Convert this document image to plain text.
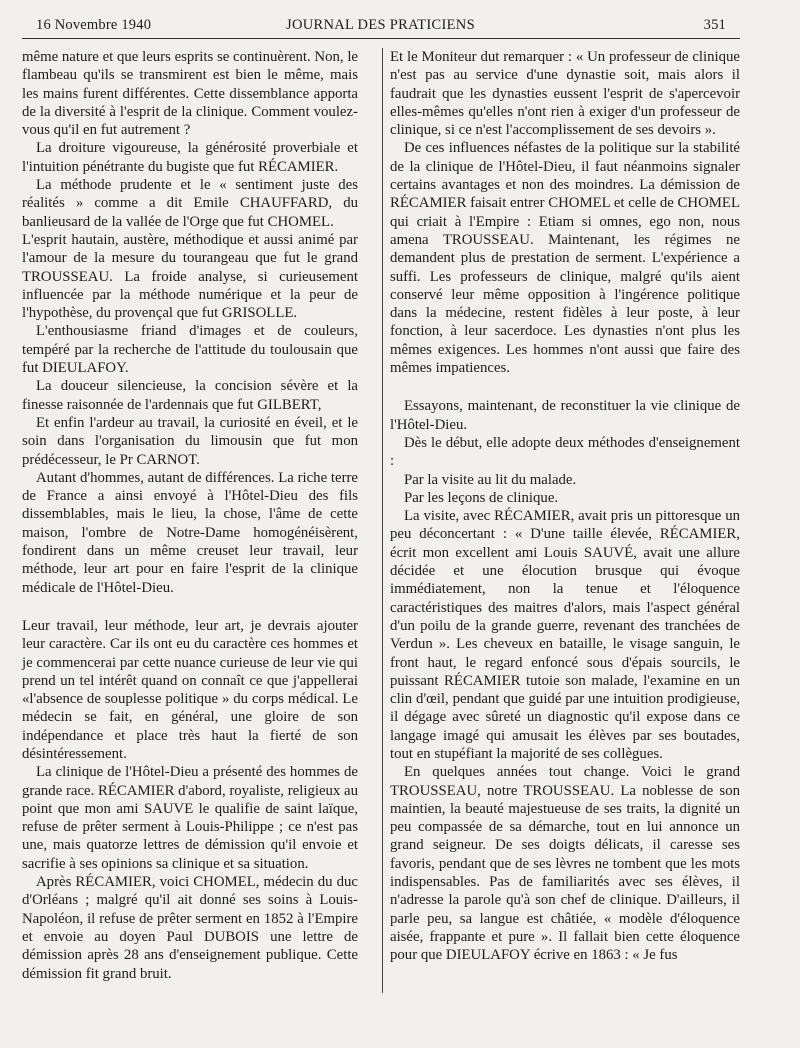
16 Novembre 1940	JOURNAL DES PRATICIENS	351

même nature et que leurs esprits se continuèrent. Non, le flambeau qu'ils se transmirent est bien le même, mais les mains furent différentes. Cette dissemblance apporta de la diversité à l'esprit de la clinique. Comment voulez-vous qu'il en fut autrement ?

La droiture vigoureuse, la générosité proverbiale et l'intuition pénétrante du bugiste que fut RÉCAMIER.

La méthode prudente et le « sentiment juste des réalités » comme a dit Emile CHAUFFARD, du banlieusard de la vallée de l'Orge que fut CHOMEL.

L'esprit hautain, austère, méthodique et aussi animé par l'amour de la mesure du tourangeau que fut le grand TROUSSEAU. La froide analyse, si curieusement influencée par la méthode numérique et la peur de l'hypothèse, du provençal que fut GRISOLLE.

L'enthousiasme friand d'images et de couleurs, tempéré par la recherche de l'attitude du toulousain que fut DIEULAFOY.

La douceur silencieuse, la concision sévère et la finesse raisonnée de l'ardennais que fut GILBERT,

Et enfin l'ardeur au travail, la curiosité en éveil, et le soin dans l'organisation du limousin que fut mon prédécesseur, le Pr CARNOT.

Autant d'hommes, autant de différences. La riche terre de France a ainsi envoyé à l'Hôtel-Dieu des fils dissemblables, mais le lieu, la chose, l'âme de cette maison, l'ombre de Notre-Dame homogénéisèrent, fondirent dans un même creuset leur travail, leur méthode, leur art pour en faire l'esprit de la clinique médicale de l'Hôtel-Dieu.

Leur travail, leur méthode, leur art, je devrais ajouter leur caractère. Car ils ont eu du caractère ces hommes et je commencerai par cette nuance curieuse de leur vie qui prend un tel intérêt quand on connaît ce que j'appellerai «l'absence de souplesse politique » du corps médical. Le médecin se fait, en général, une gloire de son indépendance et place très haut la fierté de son désintéressement.

La clinique de l'Hôtel-Dieu a présenté des hommes de grande race. RÉCAMIER d'abord, royaliste, religieux au point que mon ami SAUVE le qualifie de saint laïque, refuse de prêter serment à Louis-Philippe ; ce n'est pas une, mais quatorze lettres de démission qu'il envoie et sacrifie à ses opinions sa clinique et sa situation.

Après RÉCAMIER, voici CHOMEL, médecin du duc d'Orléans ; malgré qu'il ait donné ses soins à Louis-Napoléon, il refuse de prêter serment en 1852 à l'Empire et envoie au doyen Paul DUBOIS une lettre de démission après 28 ans d'enseignement publique. Cette démission fit grand bruit.

Et le Moniteur dut remarquer : « Un professeur de clinique n'est pas au service d'une dynastie soit, mais alors il faudrait que les dynasties eussent l'esprit de s'apercevoir elles-mêmes qu'elles n'ont rien à exiger d'un professeur de clinique, si ce n'est l'accomplissement de ses devoirs ».

De ces influences néfastes de la politique sur la stabilité de la clinique de l'Hôtel-Dieu, il faut néanmoins signaler certains avantages et non des moindres. La démission de RÉCAMIER faisait entrer CHOMEL et celle de CHOMEL qui criait à l'Empire : Etiam si omnes, ego non, nous amena TROUSSEAU. Maintenant, les régimes ne demandent plus de prestation de serment. L'expérience a suffi. Les professeurs de clinique, malgré qu'ils aient conservé leur même opposition à l'ingérence politique dans la médecine, restent fidèles à leur poste, à leur fonction, à leur sacerdoce. Les dynasties n'ont plus les mêmes exigences. Les hommes n'ont aussi que faire des mêmes impatiences.

Essayons, maintenant, de reconstituer la vie clinique de l'Hôtel-Dieu.

Dès le début, elle adopte deux méthodes d'enseignement :

Par la visite au lit du malade.

Par les leçons de clinique.

La visite, avec RÉCAMIER, avait pris un pittoresque un peu déconcertant : « D'une taille élevée, RÉCAMIER, écrit mon excellent ami Louis SAUVÉ, avait une allure décidée et une élocution brusque qui évoque immédiatement, non la tenue et l'éloquence caractéristiques des maitres d'alors, mais l'aspect général d'un poilu de la grande guerre, revenant des tranchées de Verdun ». Les cheveux en bataille, le visage sanguin, le front haut, le regard enfoncé sous d'épais sourcils, le puissant RÉCAMIER tutoie son malade, l'examine en un clin d'œil, pendant que guidé par une intuition prodigieuse, il dégage avec sûreté un diagnostic qu'il expose dans ce langage imagé qui amusait les élèves par ses boutades, tout en stupéfiant la majorité de ses collègues.

En quelques années tout change. Voici le grand TROUSSEAU, notre TROUSSEAU. La noblesse de son maintien, la beauté majestueuse de ses traits, la dignité un peu compassée de sa démarche, tout en lui annonce un grand seigneur. De ses doigts délicats, il caresse ses favoris, pendant que de ses lèvres ne tombent que les mots indispensables. Pas de familiarités avec ses élèves, il n'adresse la parole qu'à son chef de clinique. D'ailleurs, il parle peu, sa langue est châtiée, « modèle d'éloquence aisée, frappante et pure ». Il fallait bien cette éloquence pour que DIEULAFOY écrive en 1863 : « Je fus
